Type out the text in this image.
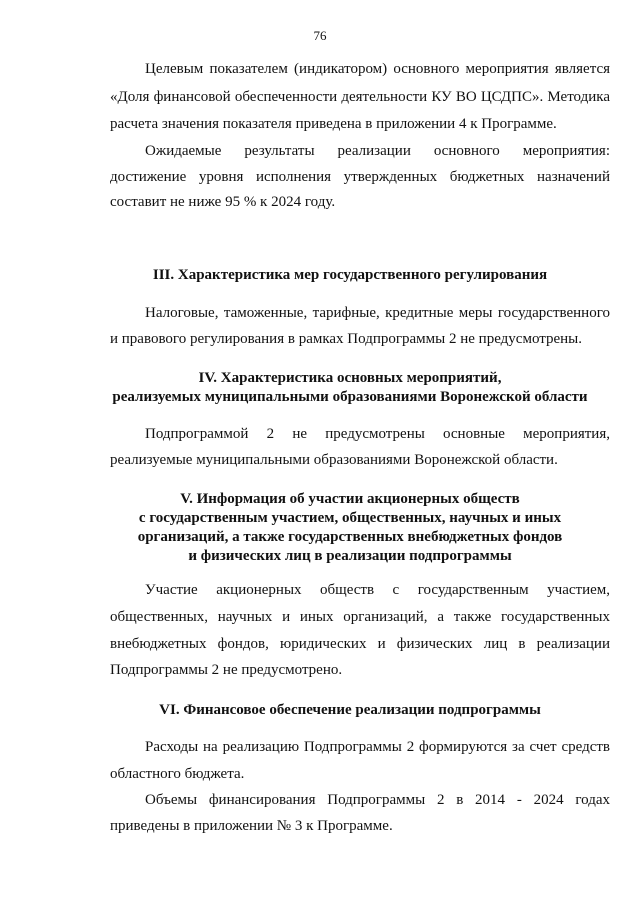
76
Целевым показателем (индикатором) основного мероприятия является
«Доля финансовой обеспеченности деятельности КУ ВО ЦСДПС». Методика
расчета значения показателя приведена в приложении 4 к Программе.
Ожидаемые результаты реализации основного мероприятия:
достижение уровня исполнения утвержденных бюджетных назначений
составит не ниже 95 % к 2024 году.
III. Характеристика мер государственного регулирования
Налоговые, таможенные, тарифные, кредитные меры государственного
и правового регулирования в рамках Подпрограммы 2 не предусмотрены.
IV. Характеристика основных мероприятий,
реализуемых муниципальными образованиями Воронежской области
Подпрограммой 2 не предусмотрены основные мероприятия,
реализуемые муниципальными образованиями Воронежской области.
V. Информация об участии акционерных обществ
с государственным участием, общественных, научных и иных
организаций, а также государственных внебюджетных фондов
и физических лиц в реализации подпрограммы
Участие акционерных обществ с государственным участием,
общественных, научных и иных организаций, а также государственных
внебюджетных фондов, юридических и физических лиц в реализации
Подпрограммы 2 не предусмотрено.
VI. Финансовое обеспечение реализации подпрограммы
Расходы на реализацию Подпрограммы 2 формируются за счет средств
областного бюджета.
Объемы финансирования Подпрограммы 2 в 2014 - 2024 годах
приведены в приложении № 3 к Программе.
